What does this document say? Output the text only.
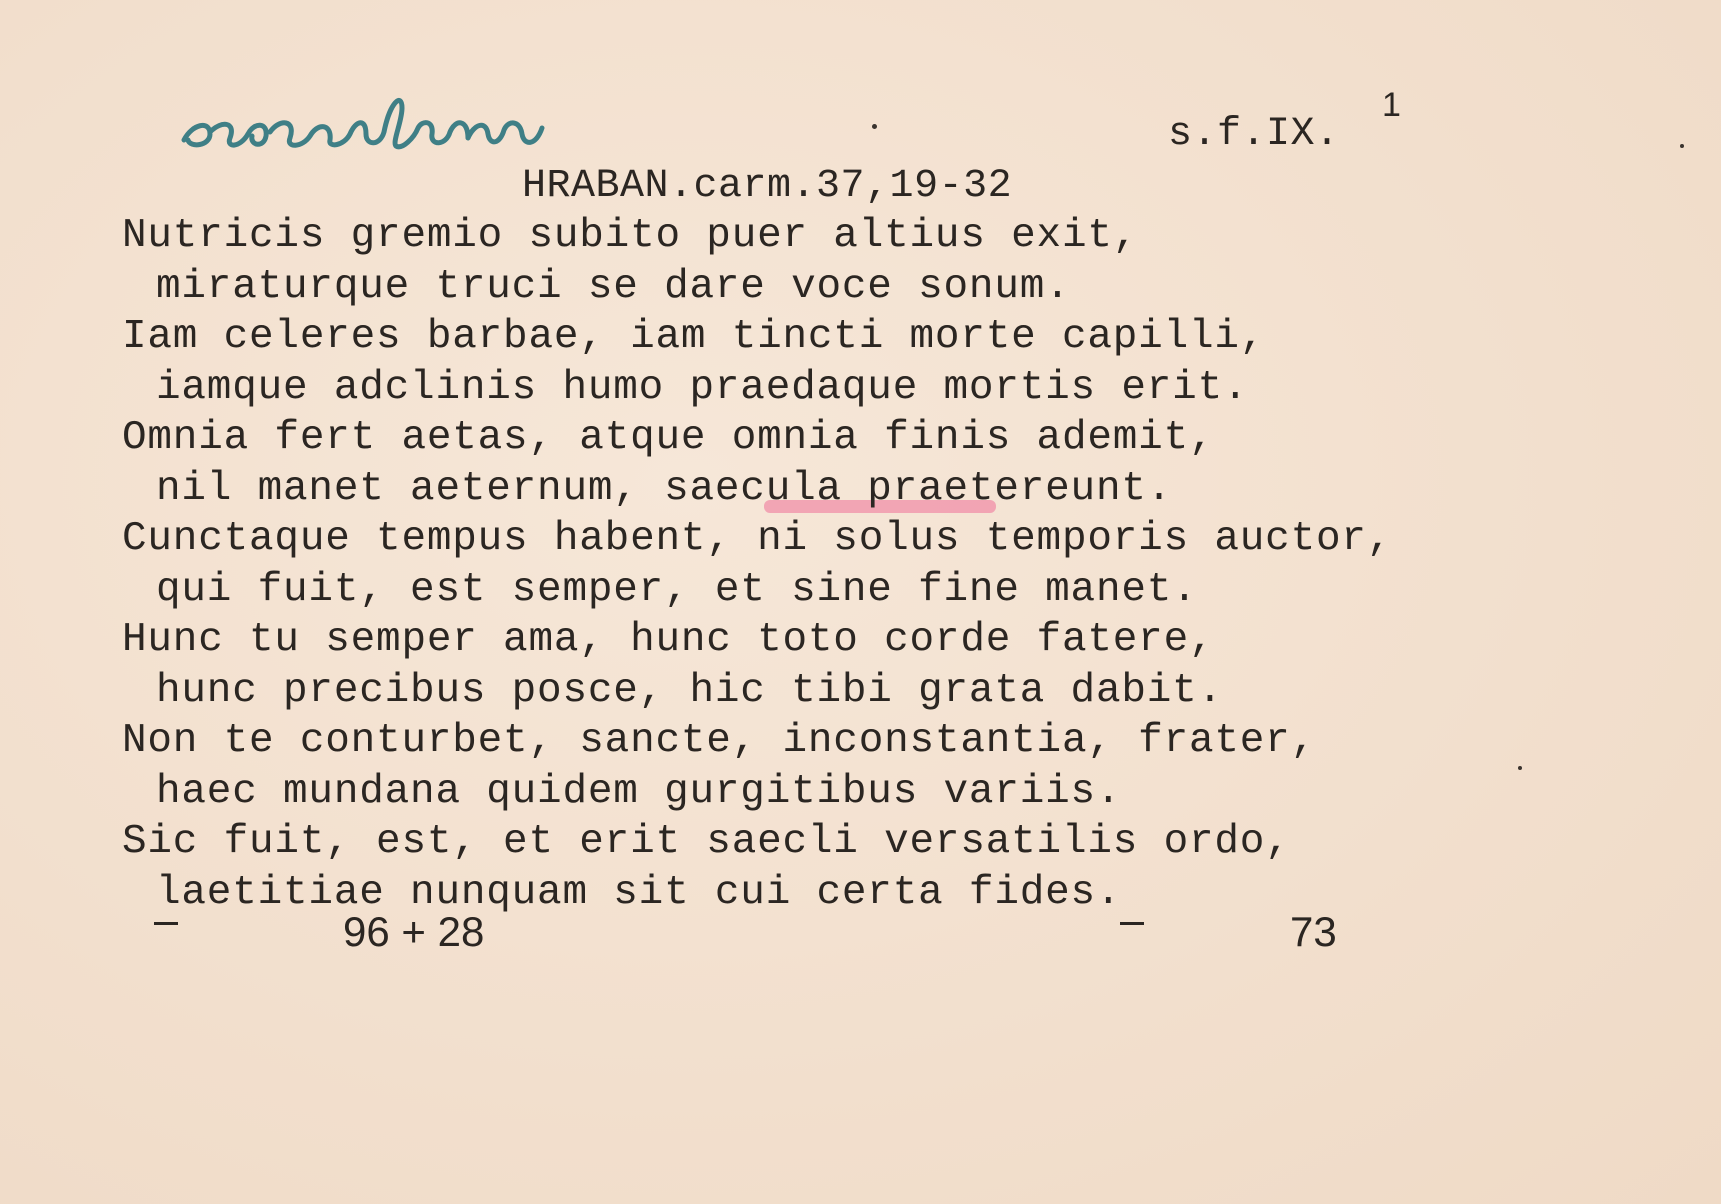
s.f.IX.
1
HRABAN.carm.37,19-32
Nutricis gremio subito puer altius exit,
miraturque truci se dare voce sonum.
Iam celeres barbae, iam tincti morte capilli,
iamque adclinis humo praedaque mortis erit.
Omnia fert aetas, atque omnia finis ademit,
nil manet aeternum, saecula praetereunt.
Cunctaque tempus habent, ni solus temporis auctor,
qui fuit, est semper, et sine fine manet.
Hunc tu semper ama, hunc toto corde fatere,
hunc precibus posce, hic tibi grata dabit.
Non te conturbet, sancte, inconstantia, frater,
haec mundana quidem gurgitibus variis.
Sic fuit, est, et erit saecli versatilis ordo,
laetitiae nunquam sit cui certa fides.
96 + 28	73
